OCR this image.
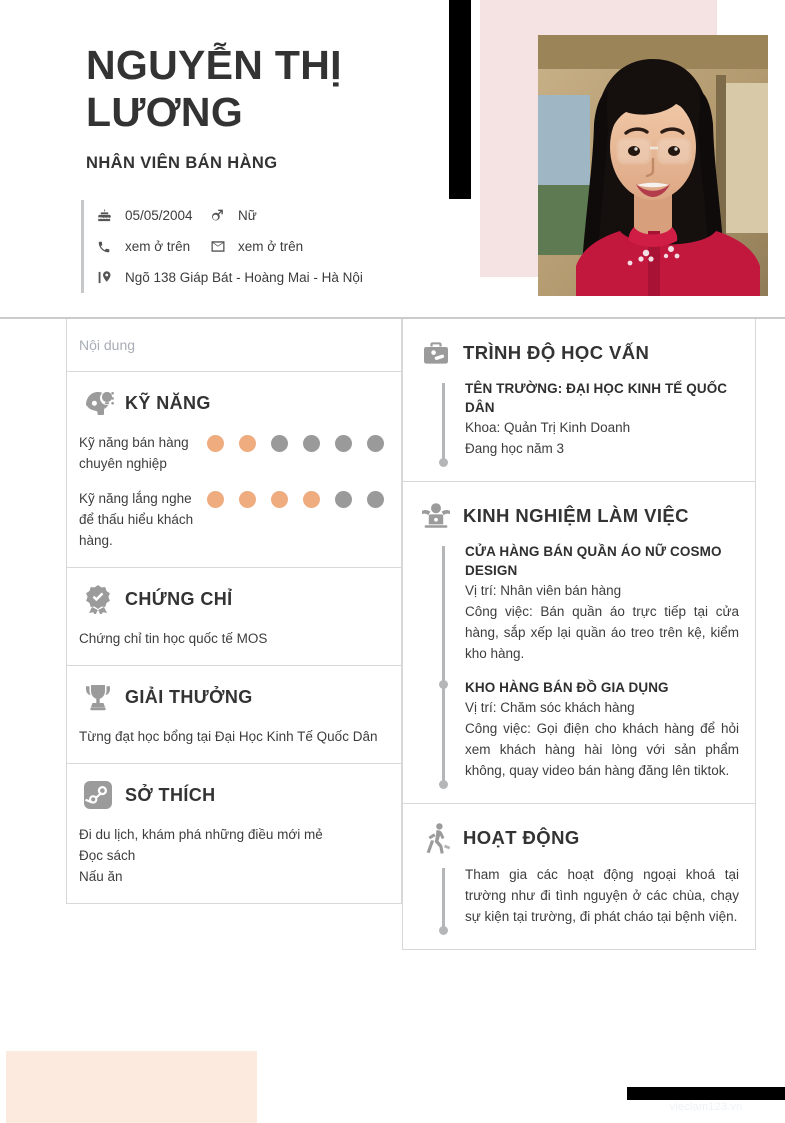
NGUYỄN THỊ
LƯƠNG
NHÂN VIÊN BÁN HÀNG
05/05/2004	Nữ
xem ở trên	xem ở trên
Ngõ 138 Giáp Bát - Hoàng Mai - Hà Nội
Nội dung
KỸ NĂNG
Kỹ năng bán hàng chuyên nghiệp
Kỹ năng lắng nghe để thấu hiểu khách hàng.
CHỨNG CHỈ
Chứng chỉ tin học quốc tế MOS
GIẢI THƯỞNG
Từng đạt học bổng tại Đại Học Kinh Tế Quốc Dân
SỞ THÍCH
Đi du lịch, khám phá những điều mới mẻ
Đọc sách
Nấu ăn
TRÌNH ĐỘ HỌC VẤN
TÊN TRƯỜNG: ĐẠI HỌC KINH TẾ QUỐC DÂN
Khoa: Quản Trị Kinh Doanh
Đang học năm 3
KINH NGHIỆM LÀM VIỆC
CỬA HÀNG BÁN QUẦN ÁO NỮ COSMO DESIGN
Vị trí: Nhân viên bán hàng
Công việc: Bán quần áo trực tiếp tại cửa hàng, sắp xếp lại quần áo treo trên kệ, kiểm kho hàng.
KHO HÀNG BÁN ĐỒ GIA DỤNG
Vị trí: Chăm sóc khách hàng
Công việc: Gọi điện cho khách hàng để hỏi xem khách hàng hài lòng với sản phẩm không, quay video bán hàng đăng lên tiktok.
HOẠT ĐỘNG
Tham gia các hoạt động ngoại khoá tại trường như đi tình nguyện ở các chùa, chạy sự kiện tại trường, đi phát cháo tại bệnh viện.
vieclam123.vn
